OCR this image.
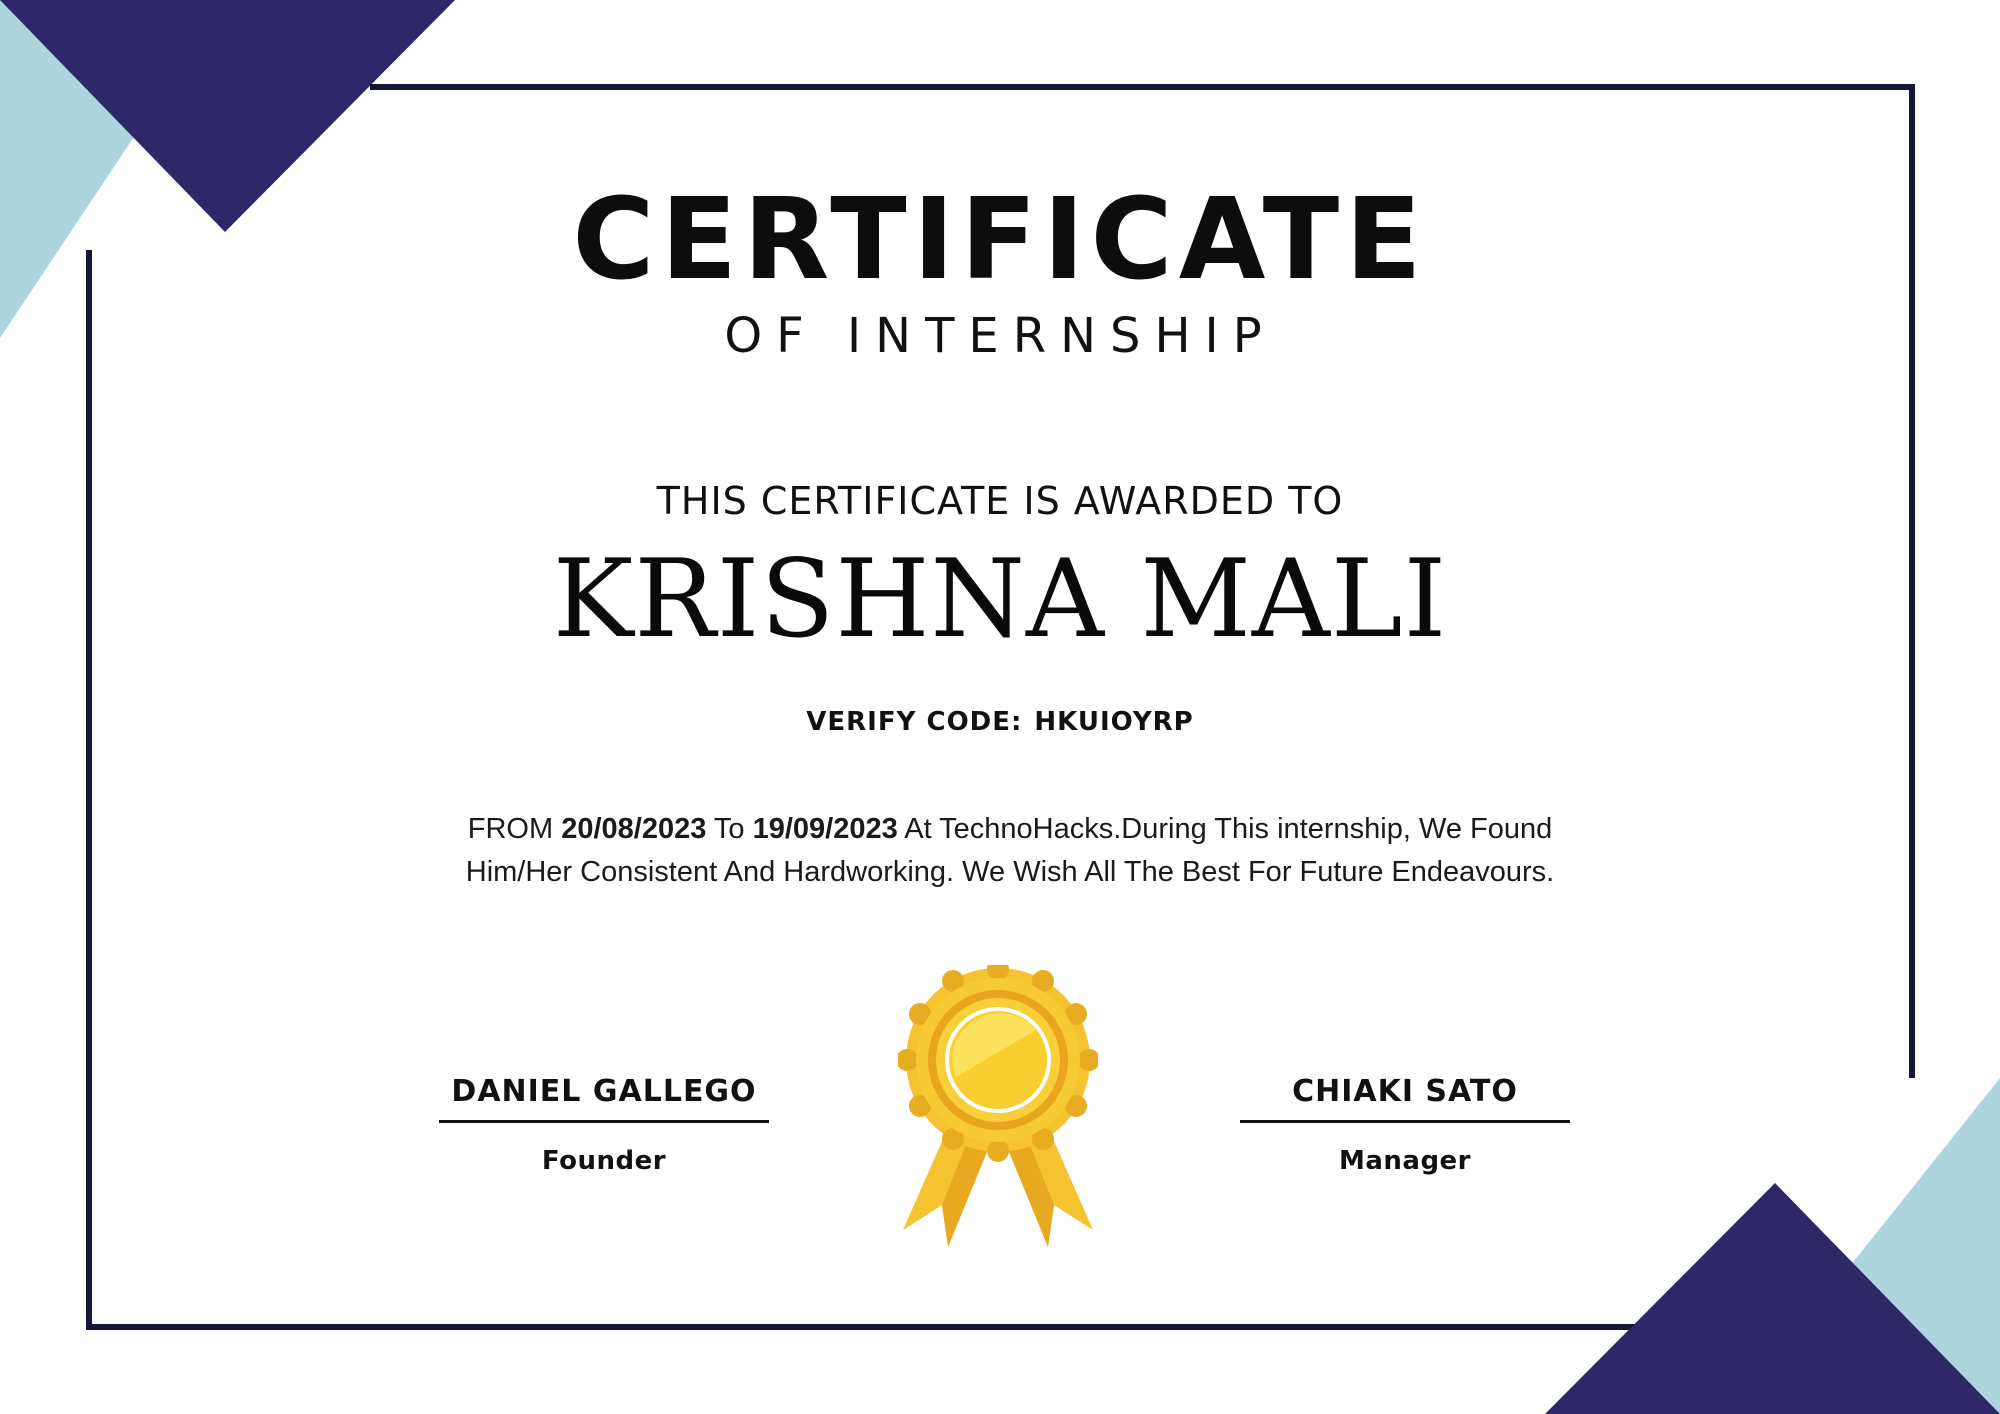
CERTIFICATE
OF INTERNSHIP
THIS CERTIFICATE IS AWARDED TO
KRISHNA MALI
VERIFY CODE: HKUIOYRP

FROM 20/08/2023 To 19/09/2023 At TechnoHacks.During This internship, We Found Him/Her Consistent And Hardworking. We Wish All The Best For Future Endeavours.

DANIEL GALLEGO
Founder
CHIAKI SATO
Manager
